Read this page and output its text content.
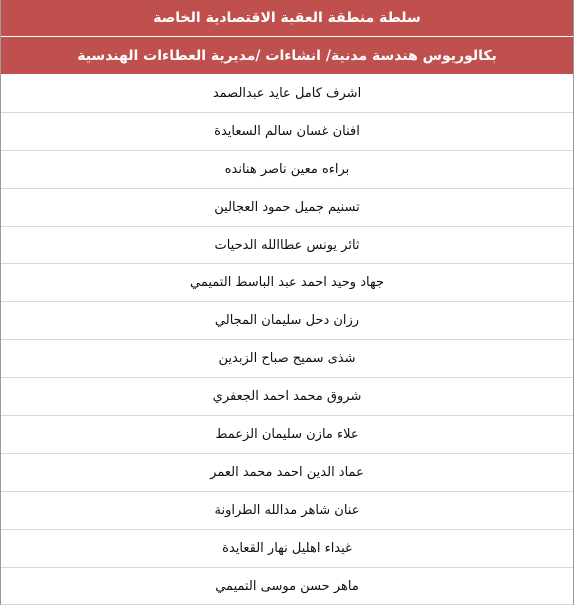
سلطة منطقة العقبة الاقتصادية الخاصة
بكالوريوس هندسة مدنية/ انشاءات /مديرية العطاءات الهندسية
اشرف كامل عايد عبدالصمد
افنان غسان سالم السعايدة
براءه معين ناصر هنانده
تسنيم جميل حمود العجالين
ثائر يونس عطاالله الدحيات
جهاد وحيد احمد عبد الباسط التميمي
رزان دحل سليمان المجالي
شذى سميح صباح الزبدين
شروق محمد احمد الجعفري
علاء مازن سليمان الزعمط
عماد الدين احمد محمد العمر
عنان شاهر مدالله الطراونة
غيداء اهليل نهار القعايدة
ماهر حسن موسى التميمي
